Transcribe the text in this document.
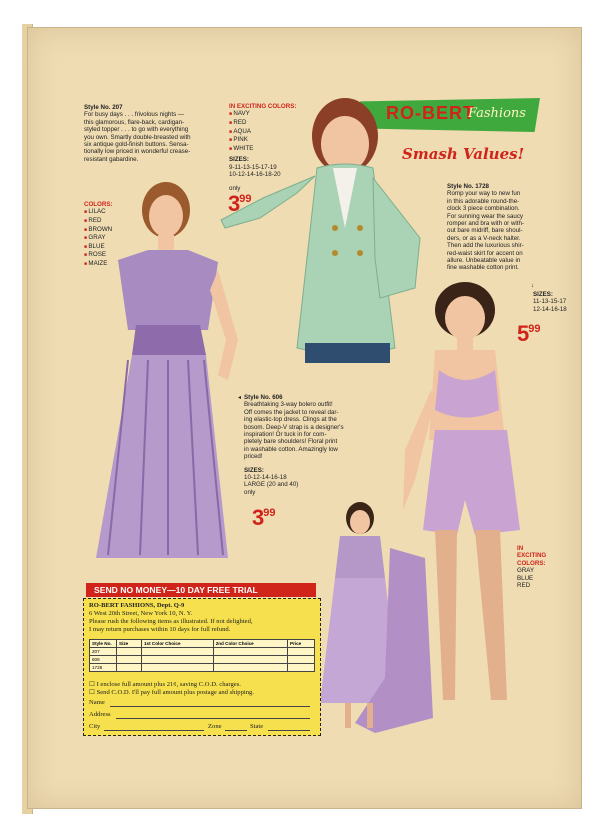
Style No. 207
For busy days . . . frivolous nights —
this glamorous, flare-back, cardigan-
styled topper . . . to go with everything
you own. Smartly double-breasted with
six antique gold-finish buttons. Sensa-
tionally low priced in wonderful crease-
resistant gabardine.
IN EXCITING COLORS:
■ NAVY
■ RED
■ AQUA
■ PINK
■ WHITE
SIZES:
9-11-13-15-17-19
10-12-14-16-18-20
only
$3^{99}$
RO-BERT
Fashions
Smash Values!
COLORS:
■ LILAC
■ RED
■ BROWN
■ GRAY
■ BLUE
■ ROSE
■ MAIZE
Style No. 1728
Romp your way to new fun
in this adorable round-the-
clock 3 piece combination.
For sunning wear the saucy
romper and bra with or with-
out bare midriff, bare shoul-
ders, or as a V-neck halter.
Then add the luxurious shir-
red-waist skirt for accent on
allure. Unbeatable value in
fine washable cotton print.
↓
SIZES:
11-13-15-17
12-14-16-18
$5^{99}$
IN
EXCITING
COLORS:
GRAY
BLUE
RED
Style No. 606
Breathtaking 3-way bolero outfit!
Off comes the jacket to reveal dar-
ing elastic-top dress. Clings at the
bosom. Deep-V strap is a designer's
inspiration! Or tuck in for com-
pletely bare shoulders! Floral print
in washable cotton. Amazingly low
priced!
SIZES:
10-12-14-16-18
LARGE (20 and 40)
only
◂
$3^{99}$
SEND NO MONEY—10 DAY FREE TRIAL
RO-BERT FASHIONS, Dept. Q-9
6 West 20th Street, New York 10, N. Y.
Please rush the following items as illustrated. If not delighted,
I may return purchases within 10 days for full refund.
Style No.	Size	1st Color Choice	2nd Color Choice	Price
207				
606				
1728				
☐ I enclose full amount plus 21¢, saving C.O.D. charges.
☐ Send C.O.D. I'll pay full amount plus postage and shipping.
Name
Address
City	Zone	State
